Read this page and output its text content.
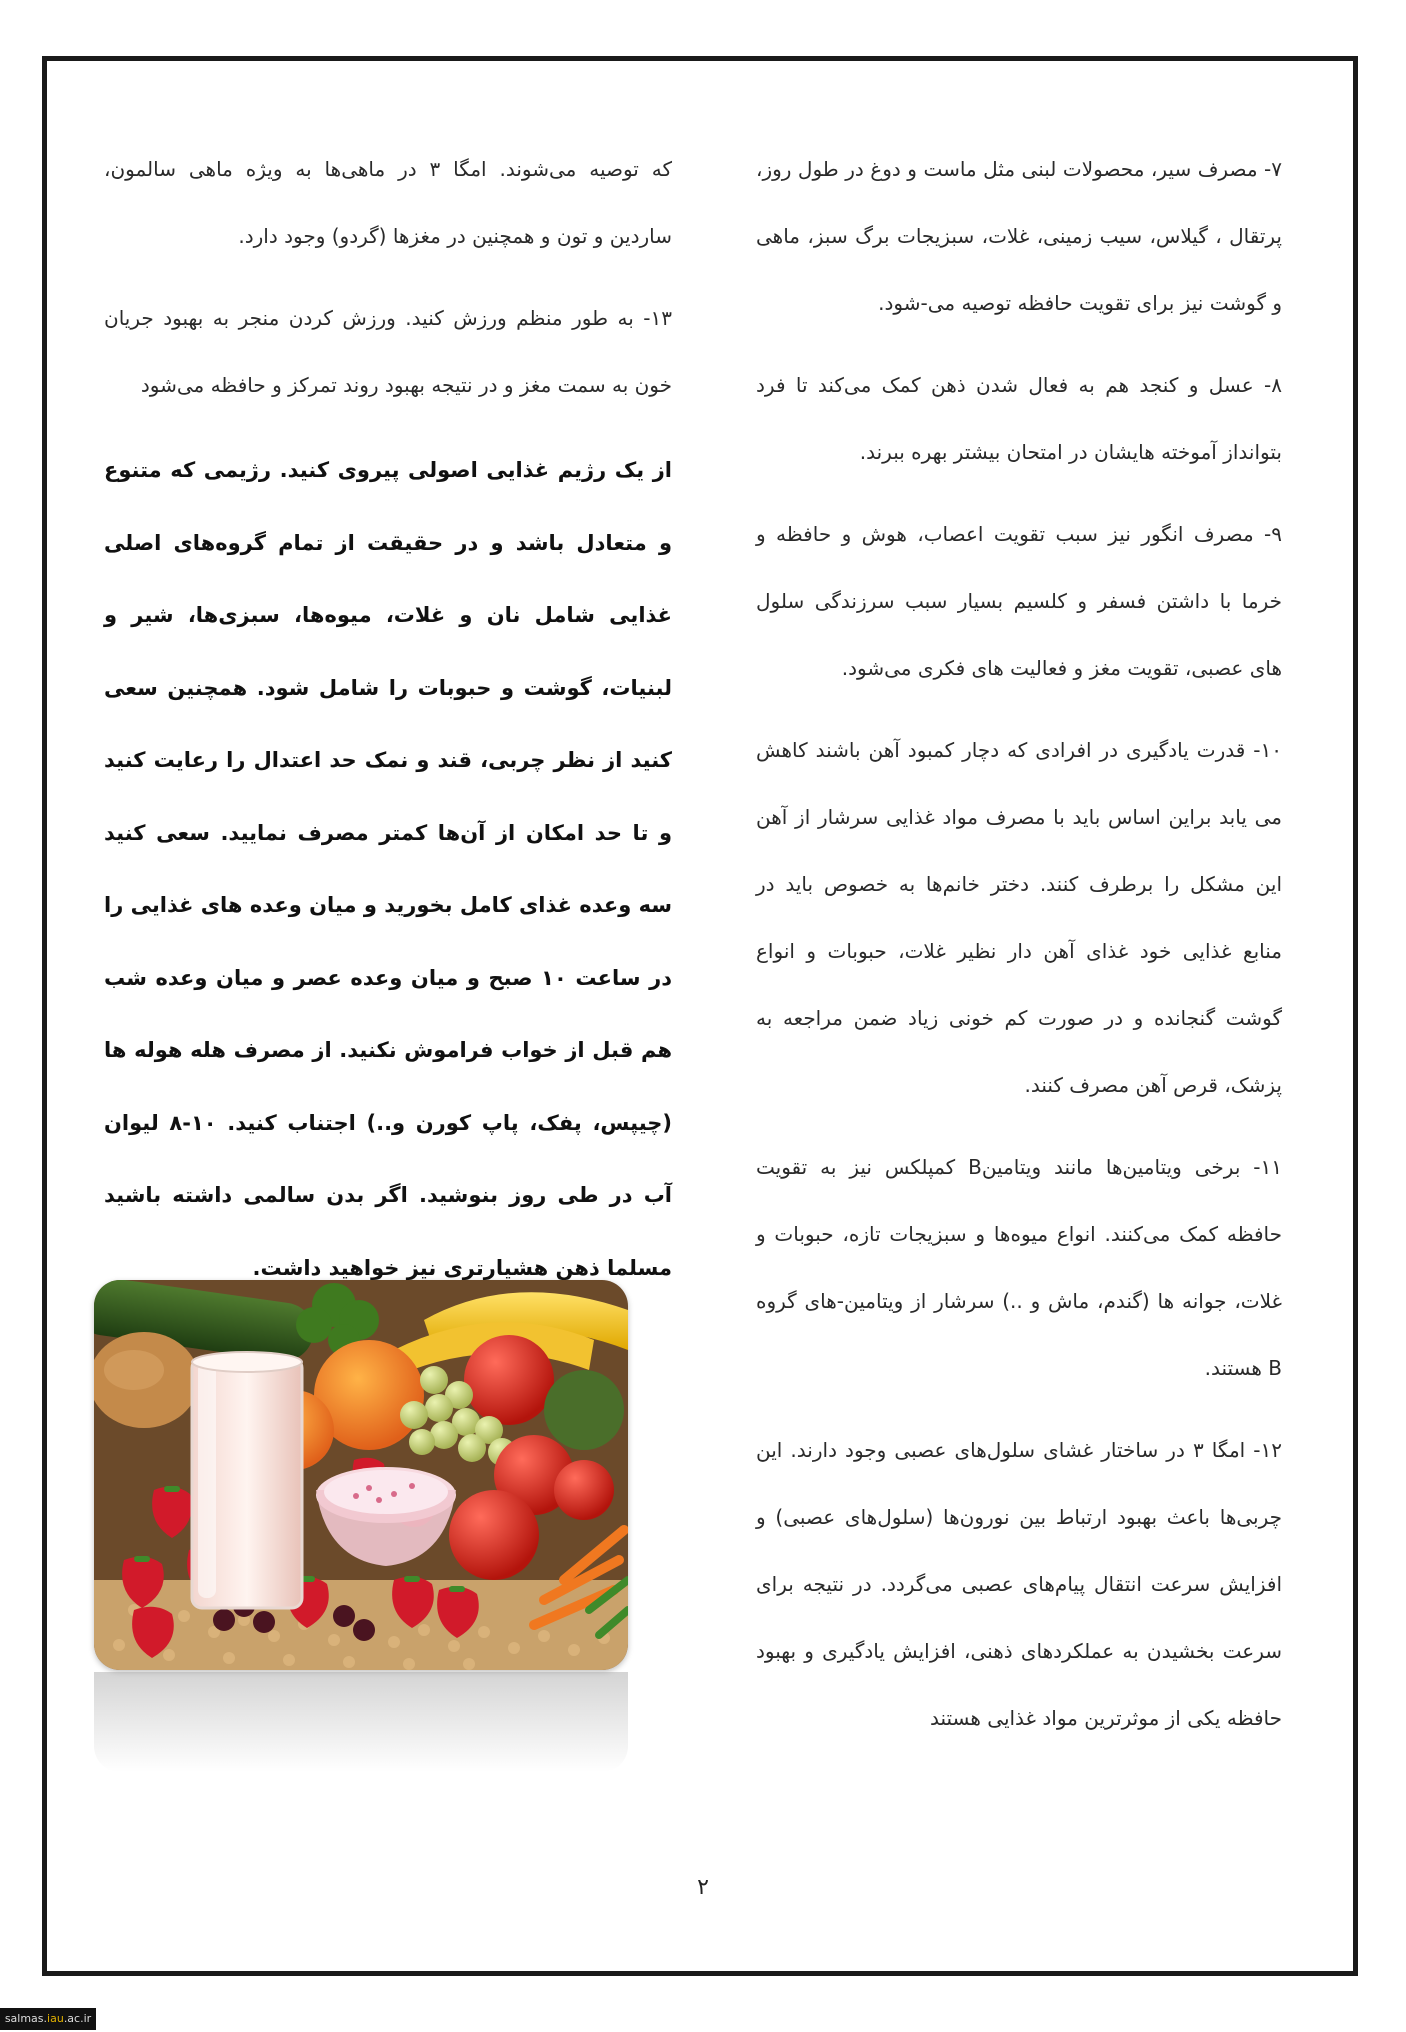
۷- مصرف سیر، محصولات لبنی مثل ماست و دوغ در طول روز، پرتقال ، گیلاس، سیب زمینی، غلات، سبزیجات برگ سبز، ماهی و گوشت نیز برای تقویت حافظه توصیه می-شود.

۸- عسل و کنجد هم به فعال شدن ذهن کمک می‌کند تا فرد بتوانداز آموخته هایشان در امتحان بیشتر بهره ببرند.

۹- مصرف انگور نیز سبب تقویت اعصاب، هوش و حافظه و خرما با داشتن فسفر و کلسیم بسیار سبب سرزندگی سلول های عصبی، تقویت مغز و فعالیت های فکری می‌شود.

۱۰- قدرت یادگیری در افرادی که دچار کمبود آهن باشند کاهش می یابد براین اساس باید با مصرف مواد غذایی سرشار از آهن این مشکل را برطرف کنند. دختر خانم‌ها به خصوص باید در منابع غذایی خود غذای آهن دار نظیر غلات، حبوبات و انواع گوشت گنجانده و در صورت کم خونی زیاد ضمن مراجعه به پزشک، قرص آهن مصرف کنند.

۱۱- برخی ویتامین‌ها مانند ویتامینB کمپلکس نیز به تقویت حافظه کمک می‌کنند. انواع میوه‌ها و سبزیجات تازه، حبوبات و غلات، جوانه ها (گندم، ماش و ..) سرشار از ویتامین-های گروه B هستند.

۱۲- امگا ۳ در ساختار غشای سلول‌های عصبی وجود دارند. این چربی‌ها باعث بهبود ارتباط بین نورون‌ها (سلول‌های عصبی) و افزایش سرعت انتقال پیام‌های عصبی می‌گردد. در نتیجه برای سرعت بخشیدن به عملکردهای ذهنی، افزایش یادگیری و بهبود حافظه یکی از موثرترین مواد غذایی هستند

که توصیه می‌شوند. امگا ۳ در ماهی‌ها به ویژه ماهی سالمون، ساردین و تون و همچنین در مغزها (گردو) وجود دارد.

۱۳- به طور منظم ورزش کنید. ورزش کردن منجر به بهبود جریان خون به سمت مغز و در نتیجه بهبود روند تمرکز و حافظه می‌شود

از یک رژیم غذایی اصولی پیروی کنید. رژیمی که متنوع و متعادل باشد و در حقیقت از تمام گروه‌های اصلی غذایی شامل نان و غلات، میوه‌ها، سبزی‌ها، شیر و لبنیات، گوشت و حبوبات را شامل شود. همچنین سعی کنید از نظر چربی، قند و نمک حد اعتدال را رعایت کنید و تا حد امکان از آن‌ها کمتر مصرف نمایید. سعی کنید سه وعده غذای کامل بخورید و میان وعده های غذایی را در ساعت ۱۰ صبح و میان وعده عصر و میان وعده شب هم قبل از خواب فراموش نکنید. از مصرف هله هوله ها (چیپس، پفک، پاپ کورن و..) اجتناب کنید. ۱۰-۸ لیوان آب در طی روز بنوشید. اگر بدن سالمی داشته باشید مسلما ذهن هشیارتری نیز خواهید داشت.

۲
salmas.iau.ac.ir
